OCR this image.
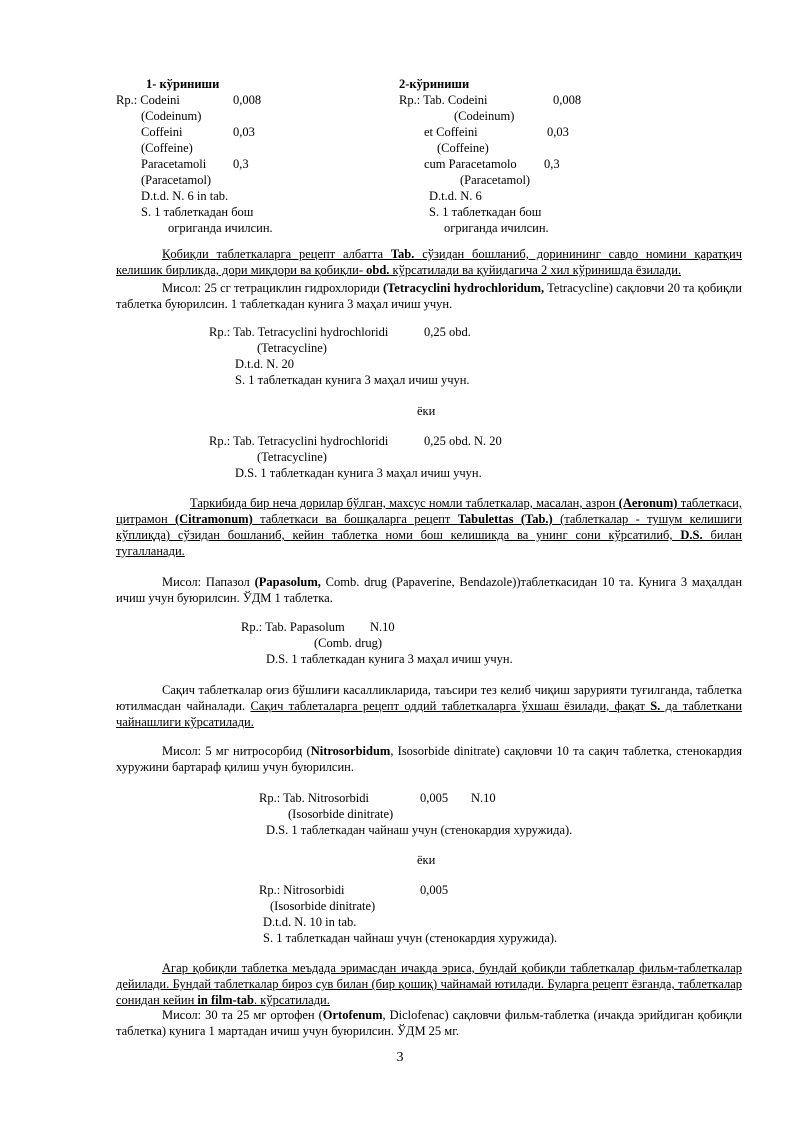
1- кўриниши
Rp.: Codeini	0,008
(Codeinum)
Coffeini	0,03
(Coffeine)
Paracetamoli 0,3
(Paracetamol)
D.t.d. N. 6 in tab.
S. 1 таблеткадан бош
огриганда ичилсин.
2-кўриниши
Rp.: Tab. Codeini	0,008
(Codeinum)
et Coffeini	0,03
(Coffeine)
cum Paracetamolo 0,3
(Paracetamol)
D.t.d. N. 6
S. 1 таблеткадан бош
огриганда ичилсин.
Қобиқли таблеткаларга рецепт албатта Tab. сўзидан бошланиб, доринининг савдо номини қаратқич келишик бирликда, дори миқдори ва қобиқли- obd. кўрсатилади ва қуйидагича 2 хил кўринишда ёзилади.
Мисол: 25 сг тетрациклин гидрохлориди (Tetracyclini hydrochloridum, Tetracycline) сақловчи 20 та қобиқли таблетка буюрилсин. 1 таблеткадан кунига 3 маҳал ичиш учун.
Rp.: Tab. Tetracyclini hydrochloridi	0,25 obd.
(Tetracycline)
D.t.d. N. 20
S. 1 таблеткадан кунига 3 маҳал ичиш учун.
ёки
Rp.: Tab. Tetracyclini hydrochloridi	0,25 obd. N. 20
(Tetracycline)
D.S. 1 таблеткадан кунига 3 маҳал ичиш учун.
Таркибида бир неча дорилар бўлган, махсус номли таблеткалар, масалан, азрон (Aeronum) таблеткаси, цитрамон (Citramonum) таблеткаси ва бошқаларга рецепт Tabulettas (Tab.) (таблеткалар - тушум келишиги кўплиқда) сўзидан бошланиб, кейин таблетка номи бош келишикда ва унинг сони кўрсатилиб, D.S. билан тугалланади.
Мисол: Папазол (Papasolum, Comb. drug (Papaverine, Bendazole))таблеткасидан 10 та. Кунига 3 маҳалдан ичиш учун буюрилсин. ЎДМ 1 таблетка.
Rp.: Tab. Papasolum N.10
(Comb. drug)
D.S. 1 таблеткадан кунига 3 маҳал ичиш учун.
Сақич таблеткалар оғиз бўшлиғи касалликларида, таъсири тез келиб чиқиш зарурияти туғилганда, таблетка ютилмасдан чайналади. Сақич таблеталарга рецепт оддий таблеткаларга ўхшаш ёзилади, фақат S. да таблеткани чайнашлиги кўрсатилади.
Мисол: 5 мг нитросорбид (Nitrosorbidum, Isosorbide dinitrate) сақловчи 10 та сақич таблетка, стенокардия хуружини бартараф қилиш учун буюрилсин.
Rp.: Tab. Nitrosorbidi	0,005 N.10
(Isosorbide dinitrate)
D.S. 1 таблеткадан чайнаш учун (стенокардия хуружида).
ёки
Rp.: Nitrosorbidi	0,005
(Isosorbide dinitrate)
D.t.d. N. 10 in tab.
S. 1 таблеткадан чайнаш учун (стенокардия хуружида).
Агар қобиқли таблетка меъдада эримасдан ичакда эриса, бундай қобиқли таблеткалар фильм-таблеткалар дейилади. Бундай таблеткалар бироз сув билан (бир қошиқ) чайнамай ютилади. Буларга рецепт ёзганда, таблеткалар сонидан кейин in film-tab. кўрсатилади.
Мисол: 30 та 25 мг ортофен (Ortofenum, Diclofenac) сақловчи фильм-таблетка (ичакда эрийдиган қобиқли таблетка) кунига 1 мартадан ичиш учун буюрилсин. ЎДМ 25 мг.
3
